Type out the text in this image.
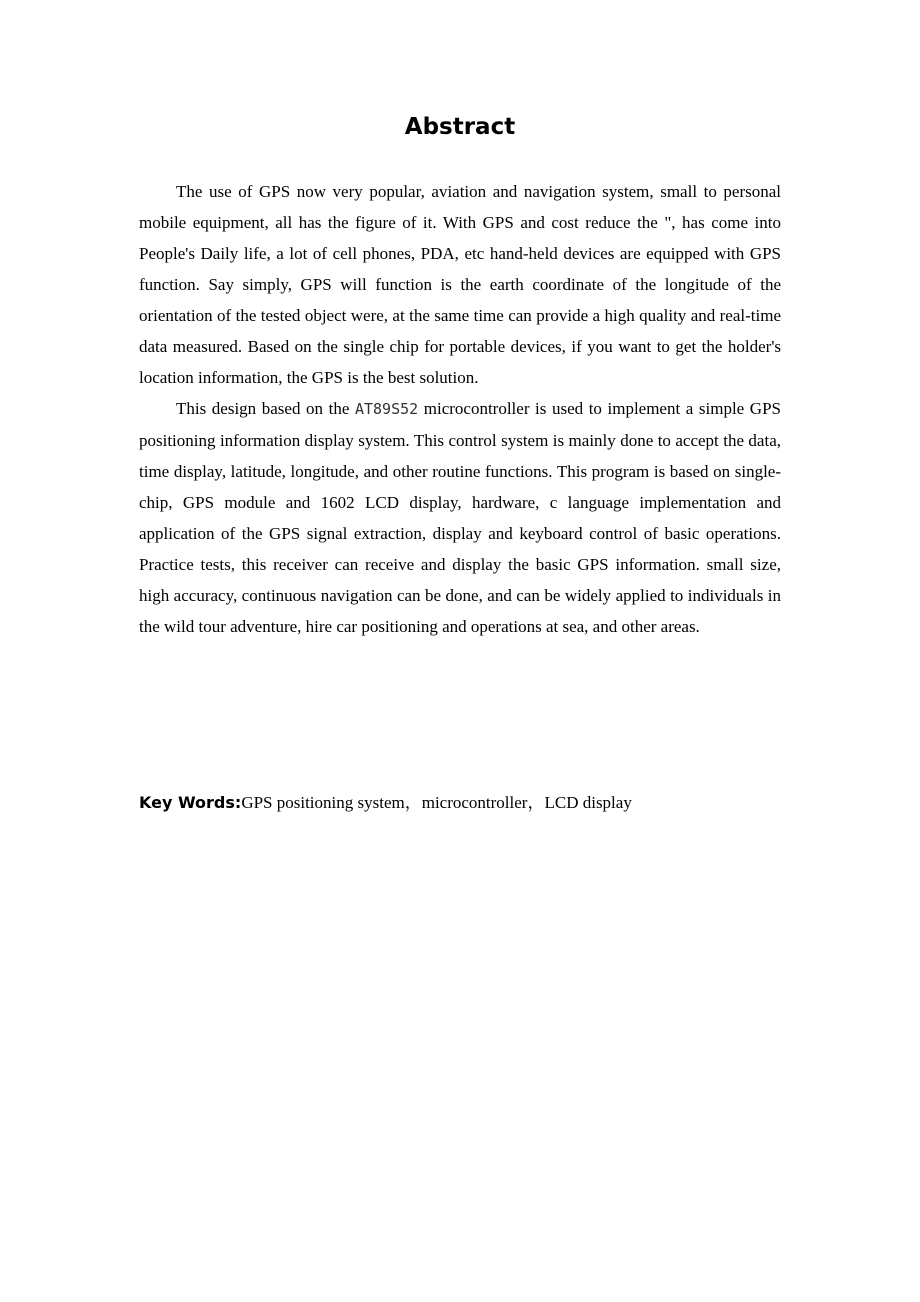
Abstract

The use of GPS now very popular, aviation and navigation system, small to personal mobile equipment, all has the figure of it. With GPS and cost reduce the ", has come into People's Daily life, a lot of cell phones, PDA, etc hand-held devices are equipped with GPS function. Say simply, GPS will function is the earth coordinate of the longitude of the orientation of the tested object were, at the same time can provide a high quality and real-time data measured. Based on the single chip for portable devices, if you want to get the holder's location information, the GPS is the best solution.

This design based on the AT89S52 microcontroller is used to implement a simple GPS positioning information display system. This control system is mainly done to accept the data, time display, latitude, longitude, and other routine functions. This program is based on single-chip, GPS module and 1602 LCD display, hardware, c language implementation and application of the GPS signal extraction, display and keyboard control of basic operations. Practice tests, this receiver can receive and display the basic GPS information. small size, high accuracy, continuous navigation can be done, and can be widely applied to individuals in the wild tour adventure, hire car positioning and operations at sea, and other areas.

Key Words:GPS positioning system，microcontroller，LCD display
